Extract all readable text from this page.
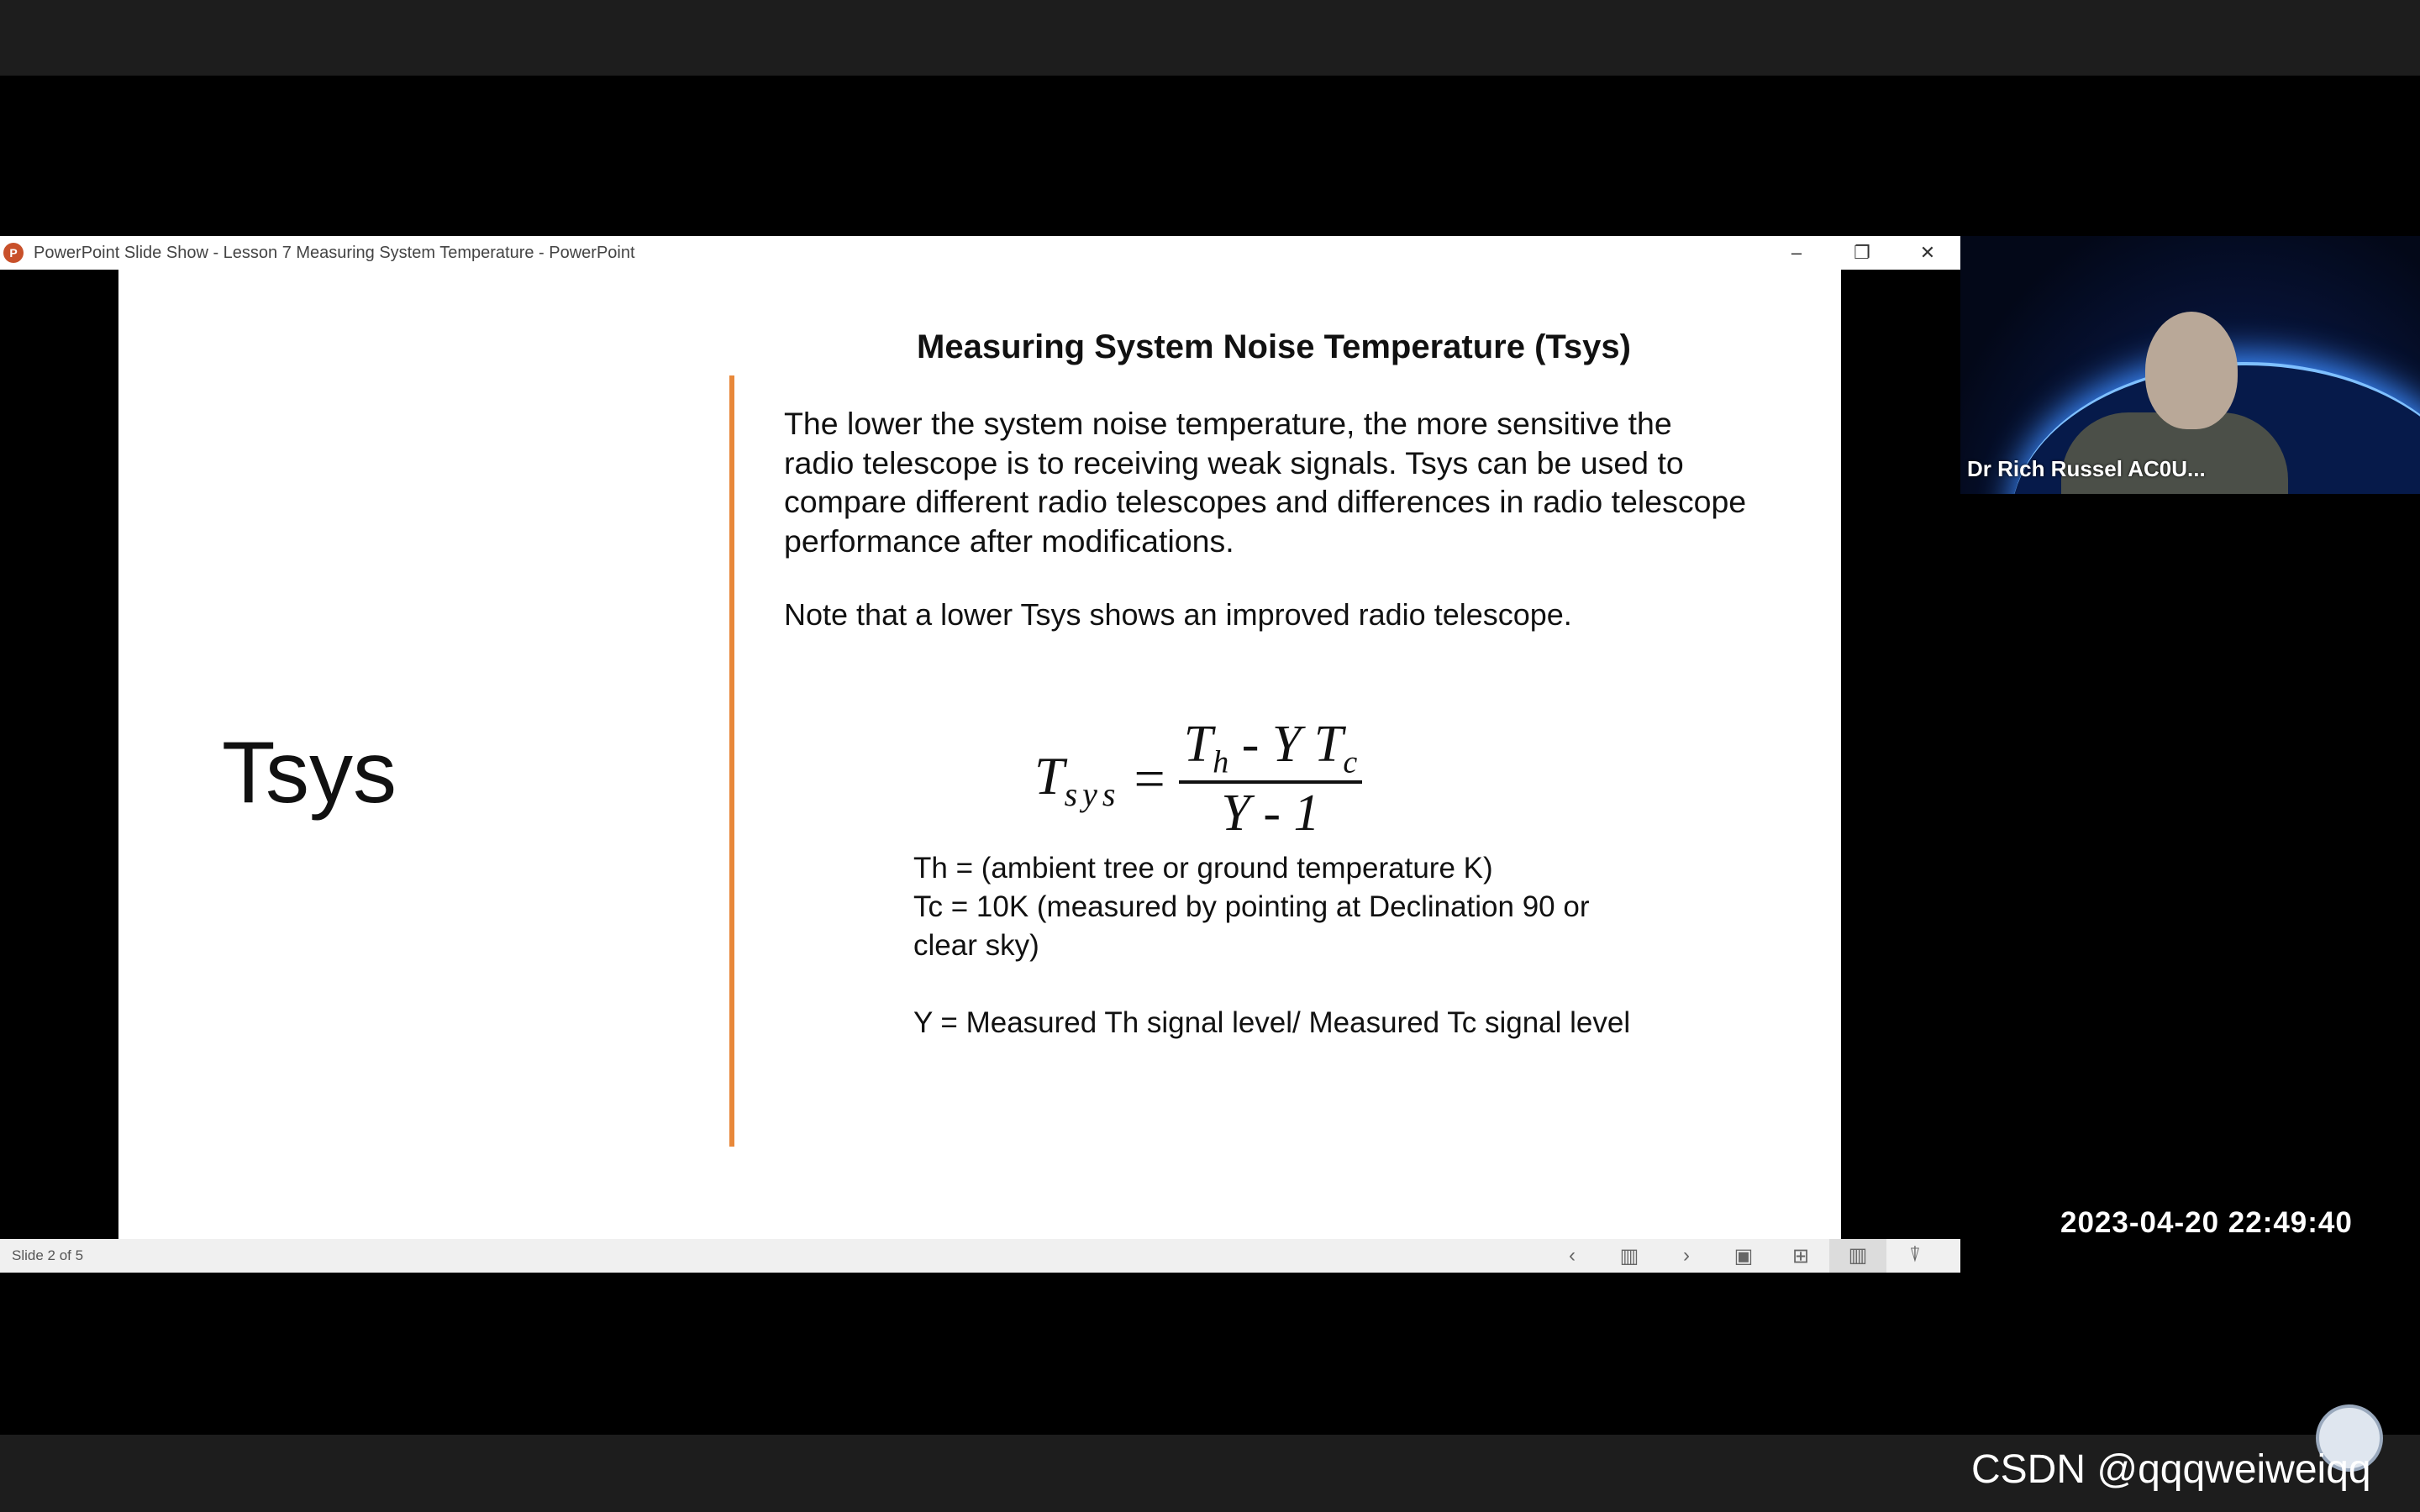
P PowerPoint Slide Show - Lesson 7 Measuring System Temperature - PowerPoint	–	❐	✕
Measuring System Noise Temperature (Tsys)
Tsys
The lower the system noise temperature, the more sensitive the radio telescope is to receiving weak signals. Tsys can be used to compare different radio telescopes and differences in radio telescope performance after modifications.
Note that a lower Tsys shows an improved radio telescope.
$T_{sys} = \frac{T_h - Y T_c}{Y - 1}$
Th = (ambient tree or ground temperature K)
Tc = 10K (measured by pointing at Declination 90 or
clear sky)
Y = Measured Th signal level/ Measured Tc signal level
Slide 2 of 5	‹	▥	›	▣	⊞	▥	⍒
Dr Rich Russel AC0U...
2023-04-20 22:49:40
CSDN @qqqweiweiqq
